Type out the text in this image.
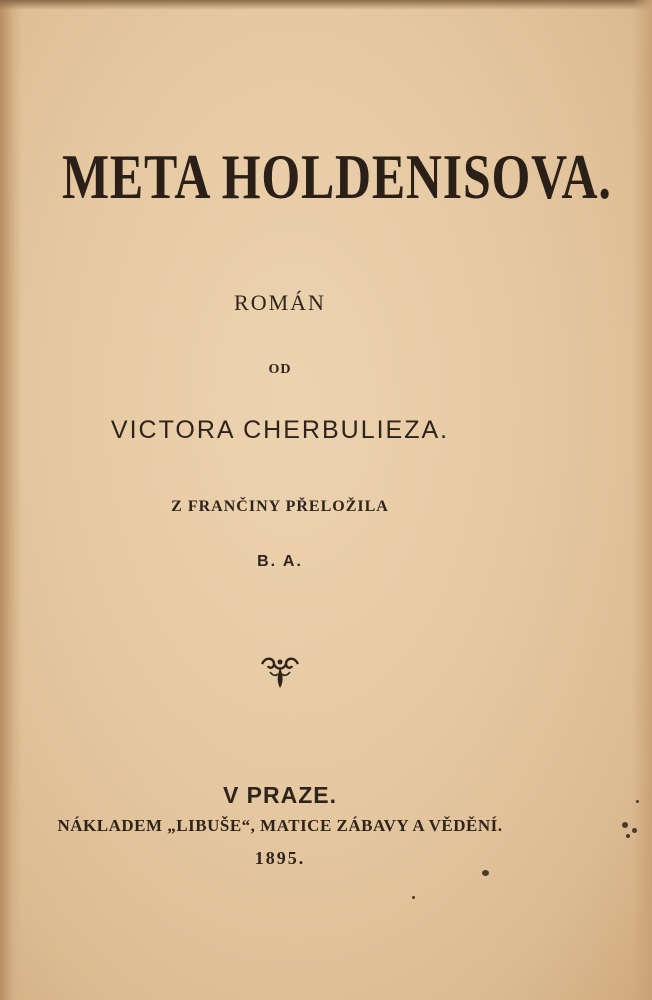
META HOLDENISOVA.
ROMÁN
OD
VICTORA CHERBULIEZA.
Z FRANČINY PŘELOŽILA
B. A.
V PRAZE.
NÁKLADEM „LIBUŠE“, MATICE ZÁBAVY A VĚDĚNÍ.
1895.
